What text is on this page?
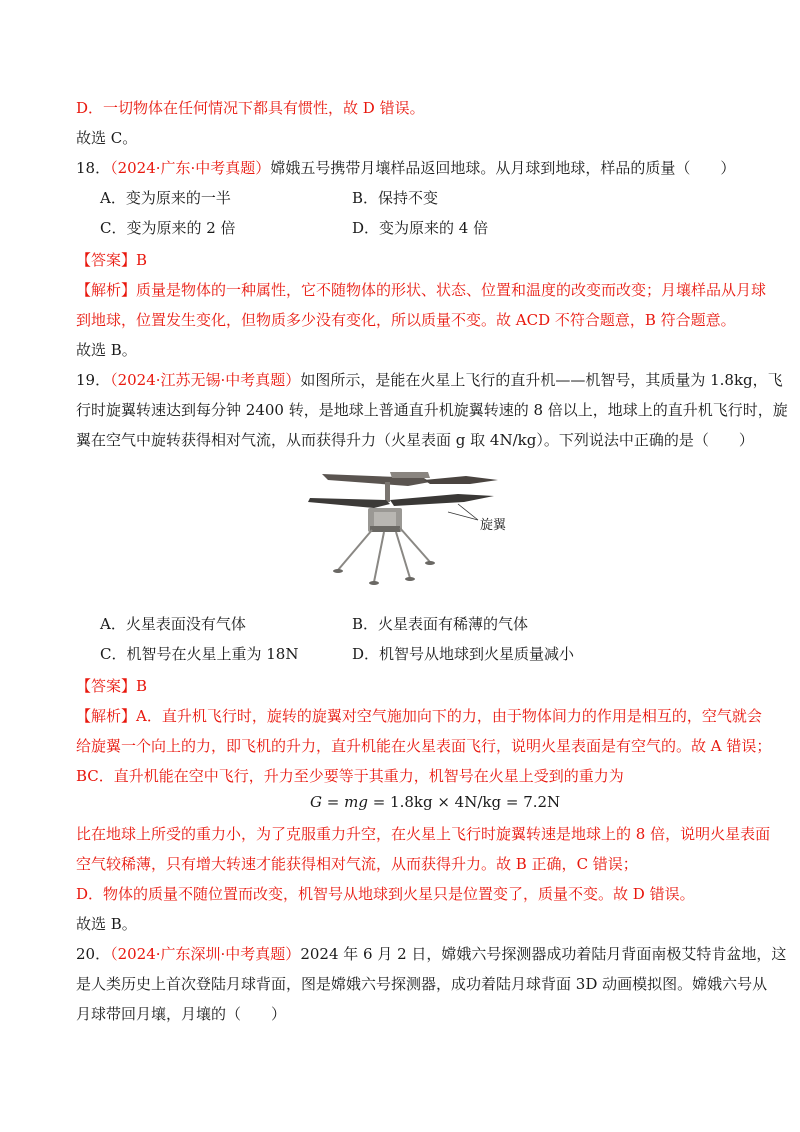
D．一切物体在任何情况下都具有惯性，故 D 错误。
故选 C。
18．（2024·广东·中考真题）嫦娥五号携带月壤样品返回地球。从月球到地球，样品的质量（　　）
A．变为原来的一半	B．保持不变
C．变为原来的 2 倍	D．变为原来的 4 倍
【答案】B
【解析】质量是物体的一种属性，它不随物体的形状、状态、位置和温度的改变而改变；月壤样品从月球
到地球，位置发生变化，但物质多少没有变化，所以质量不变。故 ACD 不符合题意，B 符合题意。
故选 B。
19．（2024·江苏无锡·中考真题）如图所示，是能在火星上飞行的直升机——机智号，其质量为 1.8kg，飞
行时旋翼转速达到每分钟 2400 转，是地球上普通直升机旋翼转速的 8 倍以上，地球上的直升机飞行时，旋
翼在空气中旋转获得相对气流，从而获得升力（火星表面 g 取 4N/kg）。下列说法中正确的是（　　）
旋翼
A．火星表面没有气体	B．火星表面有稀薄的气体
C．机智号在火星上重为 18N	D．机智号从地球到火星质量减小
【答案】B
【解析】A．直升机飞行时，旋转的旋翼对空气施加向下的力，由于物体间力的作用是相互的，空气就会
给旋翼一个向上的力，即飞机的升力，直升机能在火星表面飞行，说明火星表面是有空气的。故 A 错误；
BC．直升机能在空中飞行，升力至少要等于其重力，机智号在火星上受到的重力为
G = mg = 1.8kg × 4N/kg = 7.2N
比在地球上所受的重力小，为了克服重力升空，在火星上飞行时旋翼转速是地球上的 8 倍，说明火星表面
空气较稀薄，只有增大转速才能获得相对气流，从而获得升力。故 B 正确，C 错误；
D．物体的质量不随位置而改变，机智号从地球到火星只是位置变了，质量不变。故 D 错误。
故选 B。
20．（2024·广东深圳·中考真题）2024 年 6 月 2 日，嫦娥六号探测器成功着陆月背面南极艾特肯盆地，这
是人类历史上首次登陆月球背面，图是嫦娥六号探测器，成功着陆月球背面 3D 动画模拟图。嫦娥六号从
月球带回月壤，月壤的（　　）
